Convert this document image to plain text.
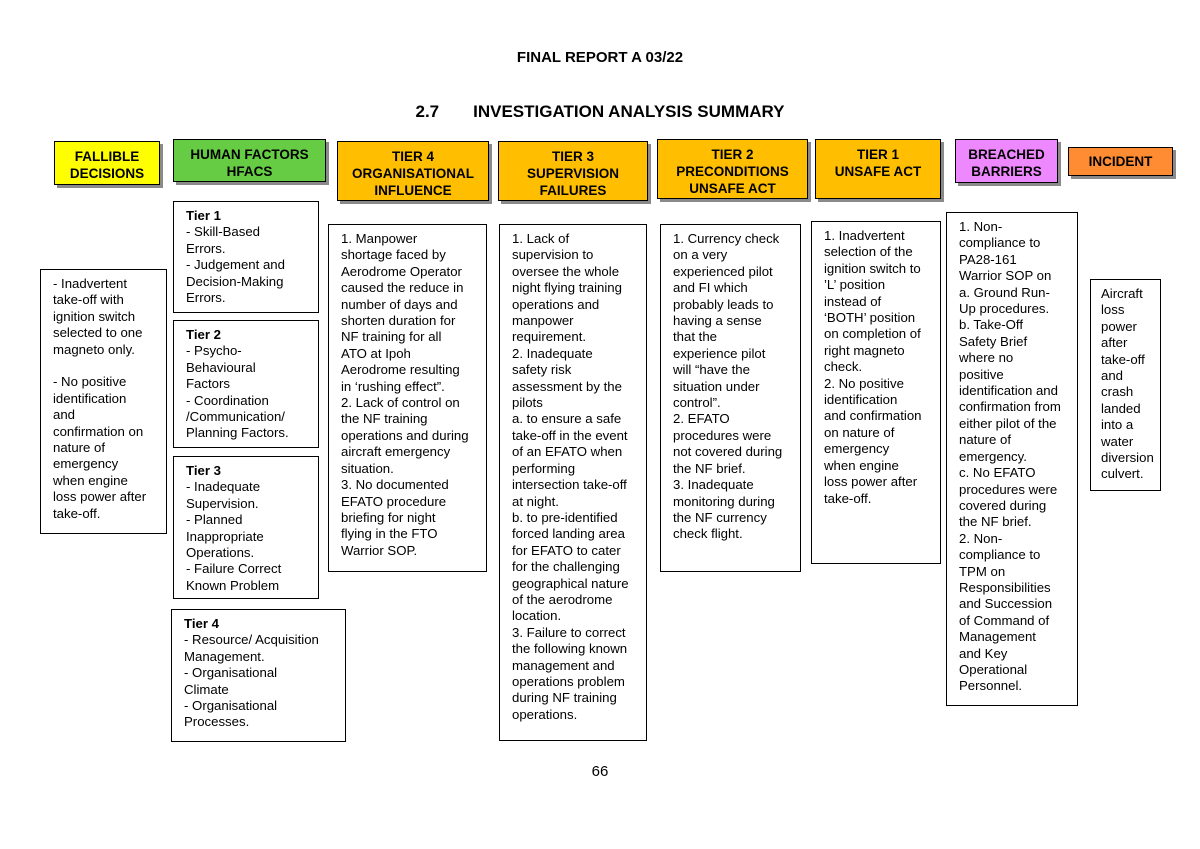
FINAL REPORT A 03/22
2.7 INVESTIGATION ANALYSIS SUMMARY
FALLIBLE
DECISIONS
HUMAN FACTORS
HFACS
TIER 4
ORGANISATIONAL
INFLUENCE
TIER 3
SUPERVISION
FAILURES
TIER 2
PRECONDITIONS
UNSAFE ACT
TIER 1
UNSAFE ACT
BREACHED
BARRIERS
INCIDENT
- Inadvertent
take-off with
ignition switch
selected to one
magneto only.

- No positive
identification
and
confirmation on
nature of
emergency
when engine
loss power after
take-off.
Tier 1
- Skill-Based
Errors.
- Judgement and
Decision-Making
Errors.
Tier 2
- Psycho-
Behavioural
Factors
- Coordination
/Communication/
Planning Factors.
Tier 3
- Inadequate
Supervision.
- Planned
Inappropriate
Operations.
- Failure Correct
Known Problem
Tier 4
- Resource/ Acquisition
Management.
- Organisational
Climate
- Organisational
Processes.
1. Manpower
shortage faced by
Aerodrome Operator
caused the reduce in
number of days and
shorten duration for
NF training for all
ATO at Ipoh
Aerodrome resulting
in ‘rushing effect”.
2. Lack of control on
the NF training
operations and during
aircraft emergency
situation.
3. No documented
EFATO procedure
briefing for night
flying in the FTO
Warrior SOP.
1. Lack of
supervision to
oversee the whole
night flying training
operations and
manpower
requirement.
2. Inadequate
safety risk
assessment by the
pilots
a. to ensure a safe
take-off in the event
of an EFATO when
performing
intersection take-off
at night.
b. to pre-identified
forced landing area
for EFATO to cater
for the challenging
geographical nature
of the aerodrome
location.
3. Failure to correct
the following known
management and
operations problem
during NF training
operations.
1. Currency check
on a very
experienced pilot
and FI which
probably leads to
having a sense
that the
experience pilot
will “have the
situation under
control”.
2. EFATO
procedures were
not covered during
the NF brief.
3. Inadequate
monitoring during
the NF currency
check flight.
1. Inadvertent
selection of the
ignition switch to
’L’ position
instead of
‘BOTH’ position
on completion of
right magneto
check.
2. No positive
identification
and confirmation
on nature of
emergency
when engine
loss power after
take-off.
1. Non-
compliance to
PA28-161
Warrior SOP on
a. Ground Run-
Up procedures.
b. Take-Off
Safety Brief
where no
positive
identification and
confirmation from
either pilot of the
nature of
emergency.
c. No EFATO
procedures were
covered during
the NF brief.
2. Non-
compliance to
TPM on
Responsibilities
and Succession
of Command of
Management
and Key
Operational
Personnel.
Aircraft
loss
power
after
take-off
and
crash
landed
into a
water
diversion
culvert.
66
